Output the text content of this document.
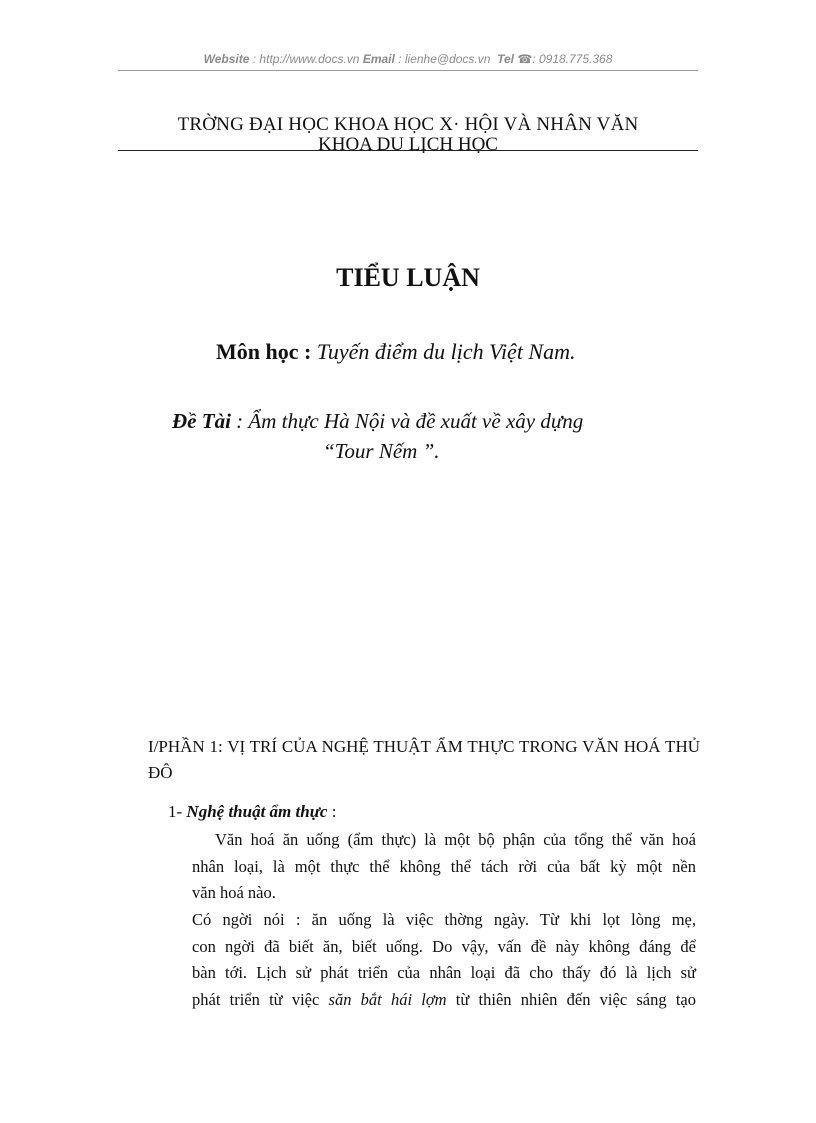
Website : http://www.docs.vn Email : lienhe@docs.vn Tel ☎: 0918.775.368
TRỜNG ĐẠI HỌC KHOA HỌC X· HỘI VÀ NHÂN VĂN
KHOA DU LỊCH HỌC
TIỂU LUẬN
Môn học : Tuyến điểm du lịch Việt Nam.
Đề Tài : Ẩm thực Hà Nội và đề xuất về xây dựng
“Tour Nếm ”.
I/PHẦN 1: VỊ TRÍ CỦA NGHỆ THUẬT ẨM THỰC TRONG VĂN HOÁ THỦ ĐÔ
1- Nghệ thuật ẩm thực :
Văn hoá ăn uống (ẩm thực) là một bộ phận của tổng thể văn hoá
nhân loại, là một thực thể không thể tách rời của bất kỳ một nền
văn hoá nào.
Có ngời nói : ăn uống là việc thờng ngày. Từ khi lọt lòng mẹ,
con ngời đã biết ăn, biết uống. Do vậy, vấn đề này không đáng để
bàn tới. Lịch sử phát triển của nhân loại đã cho thấy đó là lịch sử
phát triển từ việc săn bắt hái lợm từ thiên nhiên đến việc sáng tạo
